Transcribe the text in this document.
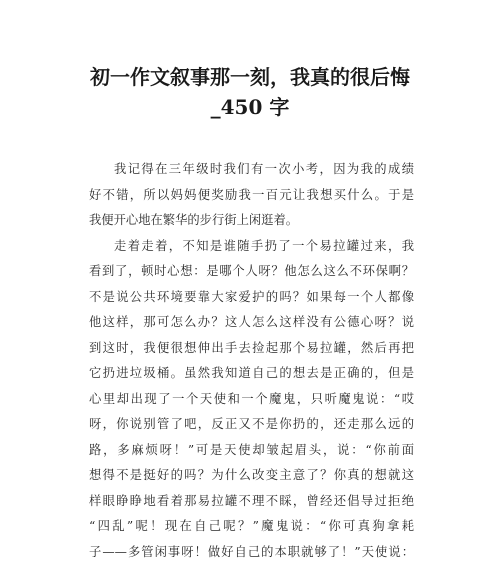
初一作文叙事那一刻，我真的很后悔
_450 字
我记得在三年级时我们有一次小考，因为我的成绩
好不错，所以妈妈便奖励我一百元让我想买什么。于是
我便开心地在繁华的步行街上闲逛着。
走着走着，不知是谁随手扔了一个易拉罐过来，我
看到了，顿时心想：是哪个人呀？他怎么这么不环保啊？
不是说公共环境要靠大家爱护的吗？如果每一个人都像
他这样，那可怎么办？这人怎么这样没有公德心呀？说
到这时，我便很想伸出手去捡起那个易拉罐，然后再把
它扔进垃圾桶。虽然我知道自己的想去是正确的，但是
心里却出现了一个天使和一个魔鬼，只听魔鬼说：“哎
呀，你说别管了吧，反正又不是你扔的，还走那么远的
路，多麻烦呀！”可是天使却皱起眉头，说：“你前面
想得不是挺好的吗？为什么改变主意了？你真的想就这
样眼睁睁地看着那易拉罐不理不睬，曾经还倡导过拒绝
“四乱”呢！现在自己呢？”魔鬼说：“你可真狗拿耗
子——多管闲事呀！做好自己的本职就够了！”天使说：
